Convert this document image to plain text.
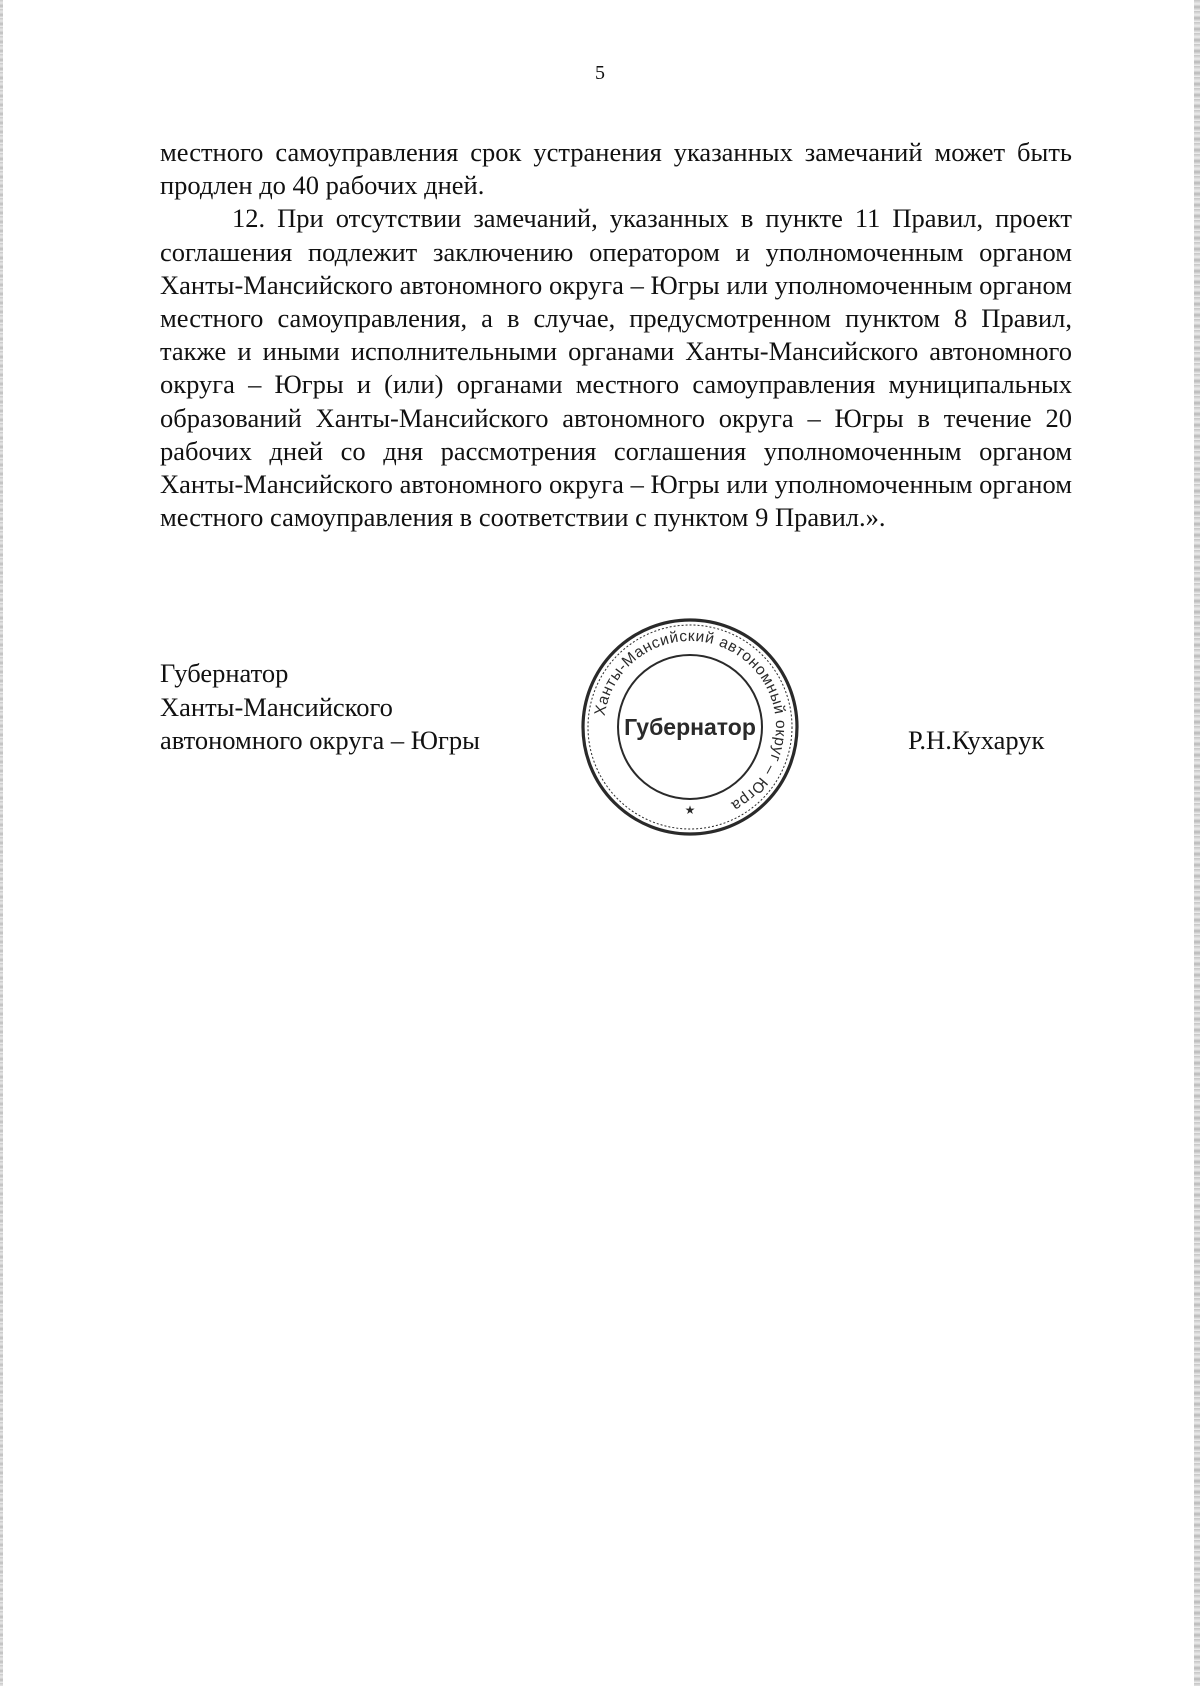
5

местного самоуправления срок устранения указанных замечаний может быть продлен до 40 рабочих дней.

12. При отсутствии замечаний, указанных в пункте 11 Правил, проект соглашения подлежит заключению оператором и уполномоченным органом Ханты-Мансийского автономного округа – Югры или уполномоченным органом местного самоуправления, а в случае, предусмотренном пунктом 8 Правил, также и иными исполнительными органами Ханты-Мансийского автономного округа – Югры и (или) органами местного самоуправления муниципальных образований Ханты-Мансийского автономного округа – Югры в течение 20 рабочих дней со дня рассмотрения соглашения уполномоченным органом Ханты-Мансийского автономного округа – Югры или уполномоченным органом местного самоуправления в соответствии с пунктом 9 Правил.».

Губернатор
Ханты-Мансийского
автономного округа – Югры
Ханты-Мансийский автономный округ – Югра
Губернатор
★
Р.Н.Кухарук
